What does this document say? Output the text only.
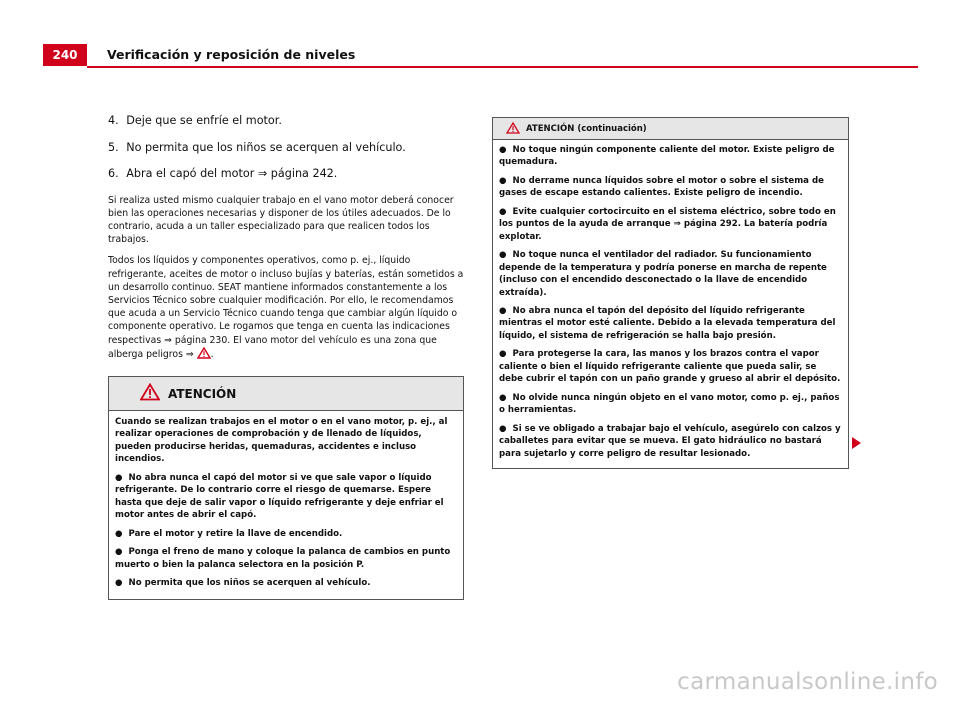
240	Verificación y reposición de niveles
4. Deje que se enfríe el motor.
5. No permita que los niños se acerquen al vehículo.
6. Abra el capó del motor ⇒ página 242.

Si realiza usted mismo cualquier trabajo en el vano motor deberá conocer bien las operaciones necesarias y disponer de los útiles adecuados. De lo contrario, acuda a un taller especializado para que realicen todos los trabajos.

Todos los líquidos y componentes operativos, como p. ej., líquido refrigerante, aceites de motor o incluso bujías y baterías, están sometidos a un desarrollo continuo. SEAT mantiene informados constantemente a los Servicios Técnico sobre cualquier modificación. Por ello, le recomendamos que acuda a un Servicio Técnico cuando tenga que cambiar algún líquido o componente operativo. Le rogamos que tenga en cuenta las indicaciones respectivas ⇒ página 230. El vano motor del vehículo es una zona que alberga peligros ⇒ .

ATENCIÓN

Cuando se realizan trabajos en el motor o en el vano motor, p. ej., al realizar operaciones de comprobación y de llenado de líquidos, pueden producirse heridas, quemaduras, accidentes e incluso incendios.

● No abra nunca el capó del motor si ve que sale vapor o líquido refrigerante. De lo contrario corre el riesgo de quemarse. Espere hasta que deje de salir vapor o líquido refrigerante y deje enfriar el motor antes de abrir el capó.

● Pare el motor y retire la llave de encendido.

● Ponga el freno de mano y coloque la palanca de cambios en punto muerto o bien la palanca selectora en la posición P.

● No permita que los niños se acerquen al vehículo.

ATENCIÓN (continuación)

● No toque ningún componente caliente del motor. Existe peligro de quemadura.

● No derrame nunca líquidos sobre el motor o sobre el sistema de gases de escape estando calientes. Existe peligro de incendio.

● Evite cualquier cortocircuito en el sistema eléctrico, sobre todo en los puntos de la ayuda de arranque ⇒ página 292. La batería podría explotar.

● No toque nunca el ventilador del radiador. Su funcionamiento depende de la temperatura y podría ponerse en marcha de repente (incluso con el encendido desconectado o la llave de encendido extraída).

● No abra nunca el tapón del depósito del líquido refrigerante mientras el motor esté caliente. Debido a la elevada temperatura del líquido, el sistema de refrigeración se halla bajo presión.

● Para protegerse la cara, las manos y los brazos contra el vapor caliente o bien el líquido refrigerante caliente que pueda salir, se debe cubrir el tapón con un paño grande y grueso al abrir el depósito.

● No olvide nunca ningún objeto en el vano motor, como p. ej., paños o herramientas.

● Si se ve obligado a trabajar bajo el vehículo, asegúrelo con calzos y caballetes para evitar que se mueva. El gato hidráulico no bastará para sujetarlo y corre peligro de resultar lesionado.

carmanualsonline.info
